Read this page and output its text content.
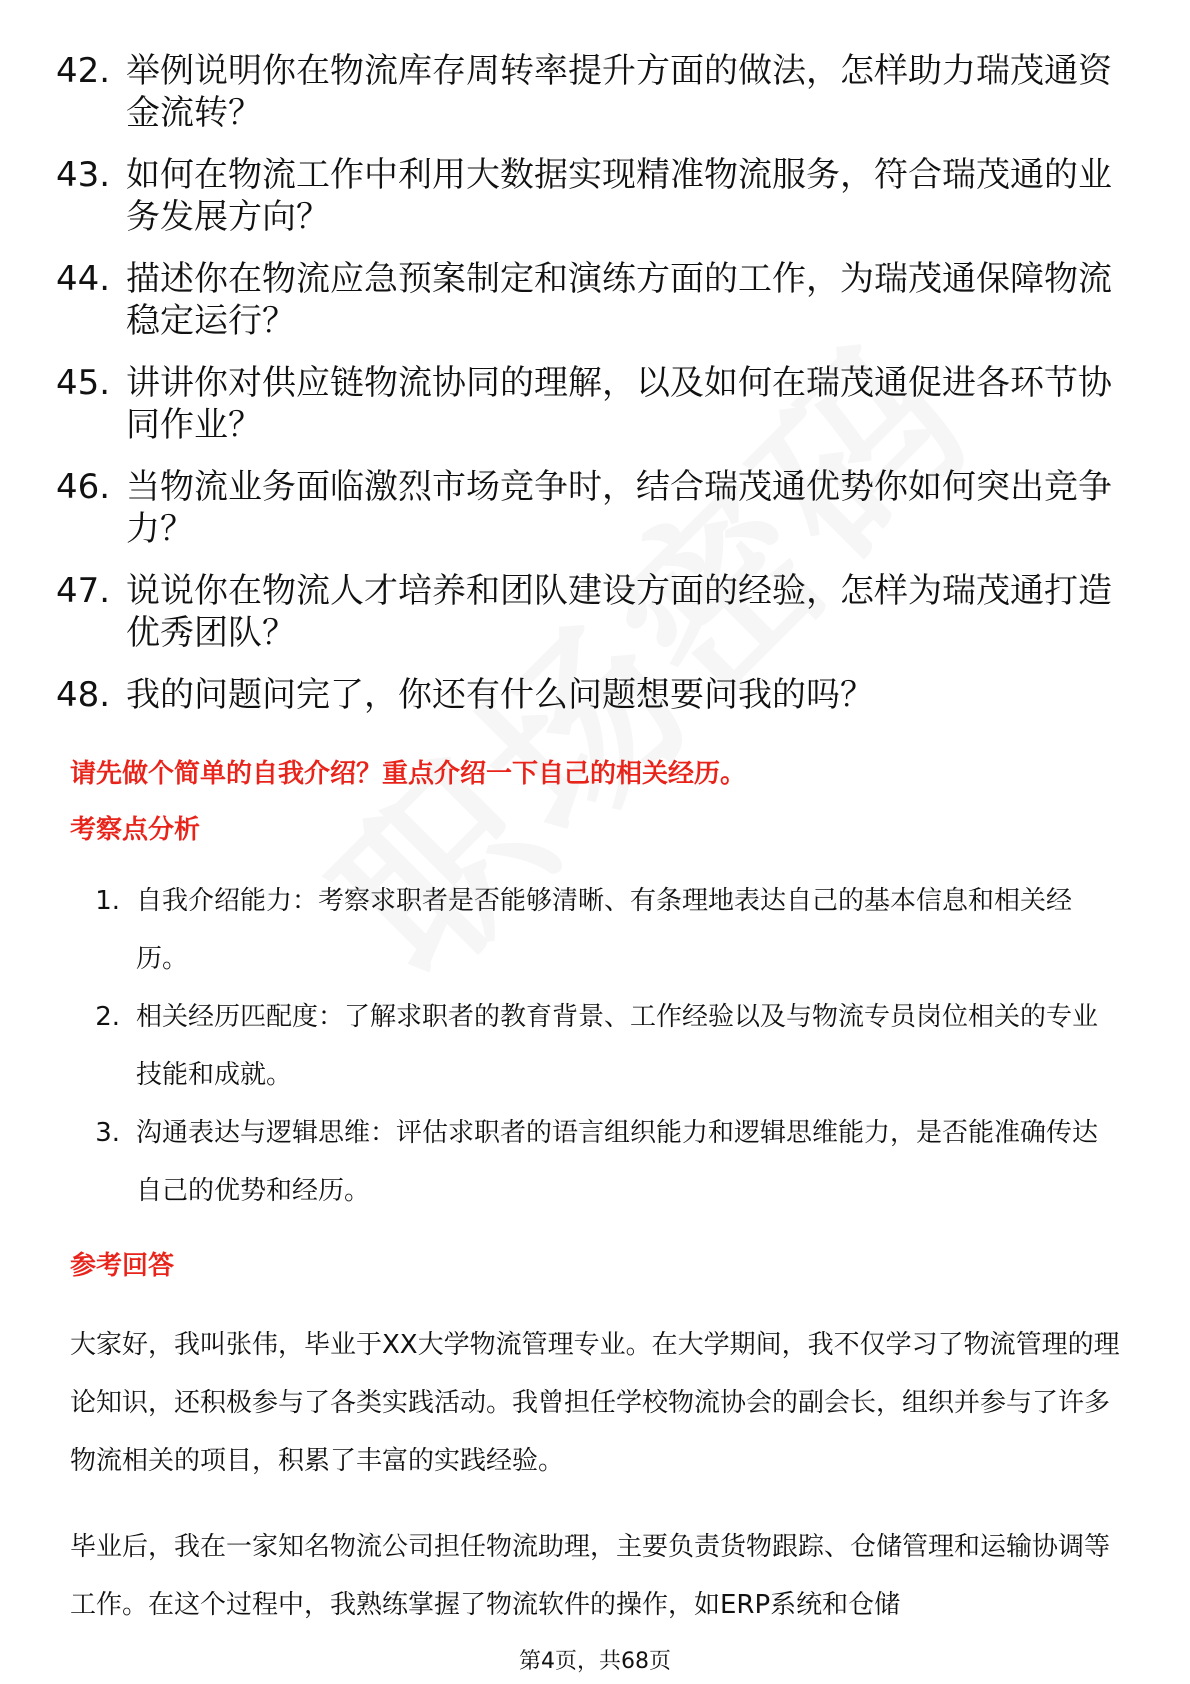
42. 举例说明你在物流库存周转率提升方面的做法，怎样助力瑞茂通资金流转？
43. 如何在物流工作中利用大数据实现精准物流服务，符合瑞茂通的业务发展方向？
44. 描述你在物流应急预案制定和演练方面的工作，为瑞茂通保障物流稳定运行？
45. 讲讲你对供应链物流协同的理解，以及如何在瑞茂通促进各环节协同作业？
46. 当物流业务面临激烈市场竞争时，结合瑞茂通优势你如何突出竞争力？
47. 说说你在物流人才培养和团队建设方面的经验，怎样为瑞茂通打造优秀团队？
48. 我的问题问完了，你还有什么问题想要问我的吗？
请先做个简单的自我介绍？重点介绍一下自己的相关经历。
考察点分析
1. 自我介绍能力：考察求职者是否能够清晰、有条理地表达自己的基本信息和相关经历。
2. 相关经历匹配度：了解求职者的教育背景、工作经验以及与物流专员岗位相关的专业技能和成就。
3. 沟通表达与逻辑思维：评估求职者的语言组织能力和逻辑思维能力，是否能准确传达自己的优势和经历。
参考回答
大家好，我叫张伟，毕业于XX大学物流管理专业。在大学期间，我不仅学习了物流管理的理论知识，还积极参与了各类实践活动。我曾担任学校物流协会的副会长，组织并参与了许多物流相关的项目，积累了丰富的实践经验。
毕业后，我在一家知名物流公司担任物流助理，主要负责货物跟踪、仓储管理和运输协调等工作。在这个过程中，我熟练掌握了物流软件的操作，如ERP系统和仓储
第4页，共68页
